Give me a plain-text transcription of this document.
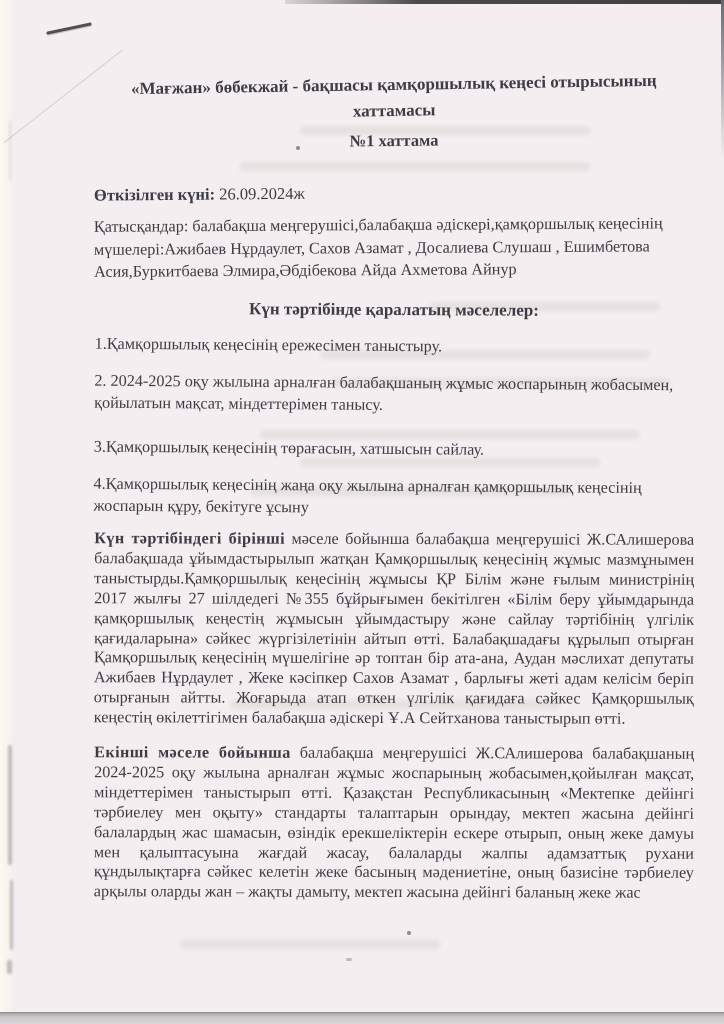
«Мағжан» бөбекжай - бақшасы қамқоршылық кеңесі отырысының
хаттамасы
№1 хаттама
Өткізілген күні: 26.09.2024ж
Қатысқандар: балабақша меңгерушісі,балабақша әдіскері,қамқоршылық кеңесінің мүшелері:Ажибаев Нұрдаулет, Сахов Азамат , Досалиева Слушаш , Ешимбетова Асия,Буркитбаева Элмира,Әбдібекова Айда Ахметова Айнур
Күн тәртібінде қаралатың мәселелер:
1.Қамқоршылық кеңесінің ережесімен таныстыру.
2. 2024-2025 оқу жылына арналған балабақшаның жұмыс жоспарының жобасымен, қойылатын мақсат, міндеттерімен танысу.
3.Қамқоршылық кеңесінің төрағасын, хатшысын сайлау.
4.Қамқоршылық кеңесінің жаңа оқу жылына арналған қамқоршылық кеңесінің жоспарын құру, бекітуге ұсыну
Күн тәртібіндегі бірінші мәселе бойынша балабақша меңгерушісі Ж.САлишерова балабақшада ұйымдастырылып жатқан Қамқоршылық кеңесінің жұмыс мазмұнымен таныстырды.Қамқоршылық кеңесінің жұмысы ҚР Білім және ғылым министрінің 2017 жылғы 27 шілдедегі №355 бұйрығымен бекітілген «Білім беру ұйымдарында қамқоршылық кеңестің жұмысын ұйымдастыру және сайлау тәртібінің үлгілік қағидаларына» сәйкес жүргізілетінін айтып өтті. Балабақшадағы құрылып отырған Қамқоршылық кеңесінің мүшелігіне әр топтан бір ата-ана, Аудан мәслихат депутаты Ажибаев Нұрдаулет , Жеке кәсіпкер Сахов Азамат , барлығы жеті адам келісім беріп отырғанын айтты. Жоғарыда атап өткен үлгілік қағидаға сәйкес Қамқоршылық кеңестің өкілеттігімен балабақша әдіскері Ұ.А Сейтханова таныстырып өтті.
Екінші мәселе бойынша балабақша меңгерушісі Ж.САлишерова балабақшаның 2024-2025 оқу жылына арналған жұмыс жоспарының жобасымен,қойылған мақсат, міндеттерімен таныстырып өтті. Қазақстан Республикасының «Мектепке дейінгі тәрбиелеу мен оқыту» стандарты талаптарын орындау, мектеп жасына дейінгі балалардың жас шамасын, өзіндік ерекшеліктерін ескере отырып, оның жеке дамуы мен қалыптасуына жағдай жасау, балаларды жалпы адамзаттық рухани құндылықтарға сәйкес келетін жеке басының мәдениетіне, оның базисіне тәрбиелеу арқылы оларды жан – жақты дамыту, мектеп жасына дейінгі баланың жеке жас
